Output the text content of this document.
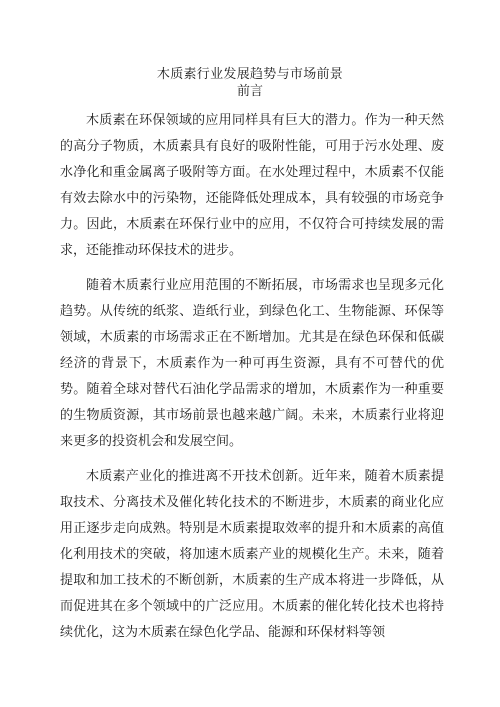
木质素行业发展趋势与市场前景
前言

木质素在环保领域的应用同样具有巨大的潜力。作为一种天然的高分子物质，木质素具有良好的吸附性能，可用于污水处理、废水净化和重金属离子吸附等方面。在水处理过程中，木质素不仅能有效去除水中的污染物，还能降低处理成本，具有较强的市场竞争力。因此，木质素在环保行业中的应用，不仅符合可持续发展的需求，还能推动环保技术的进步。

随着木质素行业应用范围的不断拓展，市场需求也呈现多元化趋势。从传统的纸浆、造纸行业，到绿色化工、生物能源、环保等领域，木质素的市场需求正在不断增加。尤其是在绿色环保和低碳经济的背景下，木质素作为一种可再生资源，具有不可替代的优势。随着全球对替代石油化学品需求的增加，木质素作为一种重要的生物质资源，其市场前景也越来越广阔。未来，木质素行业将迎来更多的投资机会和发展空间。

木质素产业化的推进离不开技术创新。近年来，随着木质素提取技术、分离技术及催化转化技术的不断进步，木质素的商业化应用正逐步走向成熟。特别是木质素提取效率的提升和木质素的高值化利用技术的突破，将加速木质素产业的规模化生产。未来，随着提取和加工技术的不断创新，木质素的生产成本将进一步降低，从而促进其在多个领域中的广泛应用。木质素的催化转化技术也将持续优化，这为木质素在绿色化学品、能源和环保材料等领
